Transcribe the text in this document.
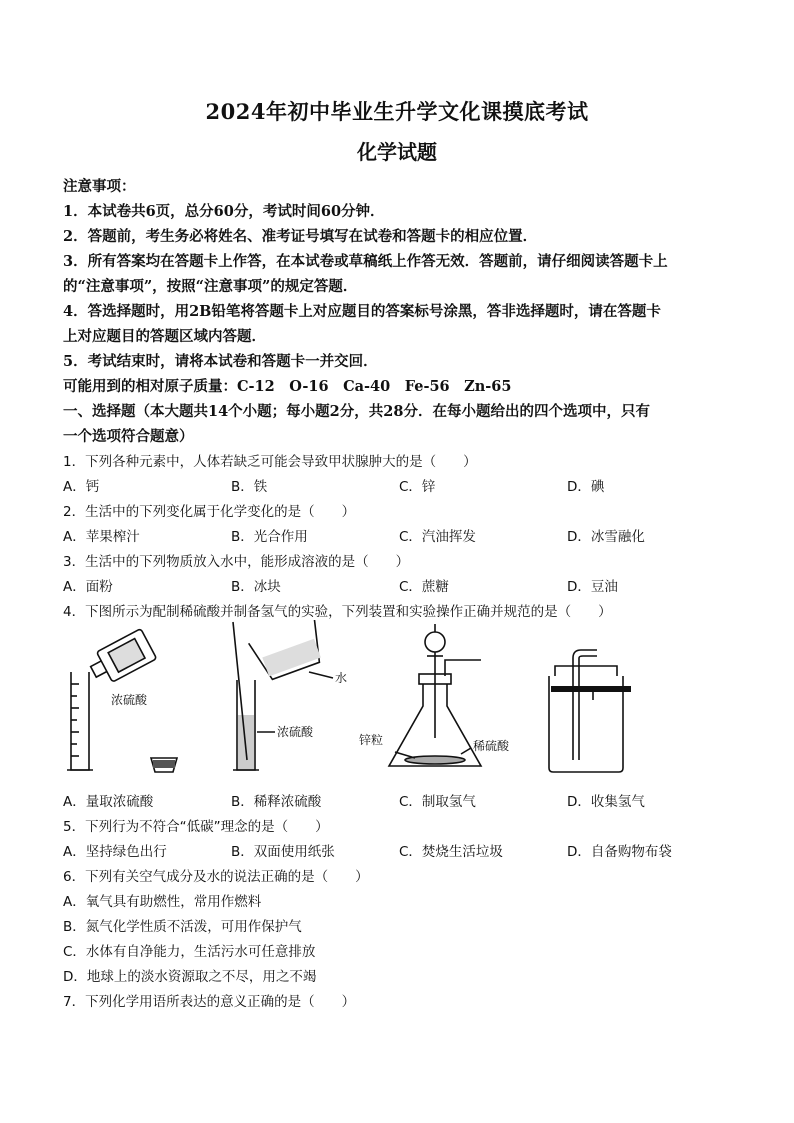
2024年初中毕业生升学文化课摸底考试
化学试题
注意事项：
1．本试卷共6页，总分60分，考试时间60分钟．
2．答题前，考生务必将姓名、准考证号填写在试卷和答题卡的相应位置．
3．所有答案均在答题卡上作答，在本试卷或草稿纸上作答无效．答题前，请仔细阅读答题卡上
的“注意事项”，按照“注意事项”的规定答题．
4．答选择题时，用2B铅笔将答题卡上对应题目的答案标号涂黑，答非选择题时，请在答题卡
上对应题目的答题区域内答题．
5．考试结束时，请将本试卷和答题卡一并交回．
可能用到的相对原子质量：C-12　O-16　Ca-40　Fe-56　Zn-65
一、选择题（本大题共14个小题；每小题2分，共28分．在每小题给出的四个选项中，只有
一个选项符合题意）
1．下列各种元素中，人体若缺乏可能会导致甲状腺肿大的是（　　）
A．钙	B．铁	C．锌	D．碘
2．生活中的下列变化属于化学变化的是（　　）
A．苹果榨汁	B．光合作用	C．汽油挥发	D．冰雪融化
3．生活中的下列物质放入水中，能形成溶液的是（　　）
A．面粉	B．冰块	C．蔗糖	D．豆油
4．下图所示为配制稀硫酸并制备氢气的实验，下列装置和实验操作正确并规范的是（　　）
浓硫酸
水
浓硫酸
锌粒	稀硫酸
A．量取浓硫酸	B．稀释浓硫酸	C．制取氢气	D．收集氢气
5．下列行为不符合“低碳”理念的是（　　）
A．坚持绿色出行	B．双面使用纸张	C．焚烧生活垃圾	D．自备购物布袋
6．下列有关空气成分及水的说法正确的是（　　）
A．氧气具有助燃性，常用作燃料
B．氮气化学性质不活泼，可用作保护气
C．水体有自净能力，生活污水可任意排放
D．地球上的淡水资源取之不尽，用之不竭
7．下列化学用语所表达的意义正确的是（　　）
